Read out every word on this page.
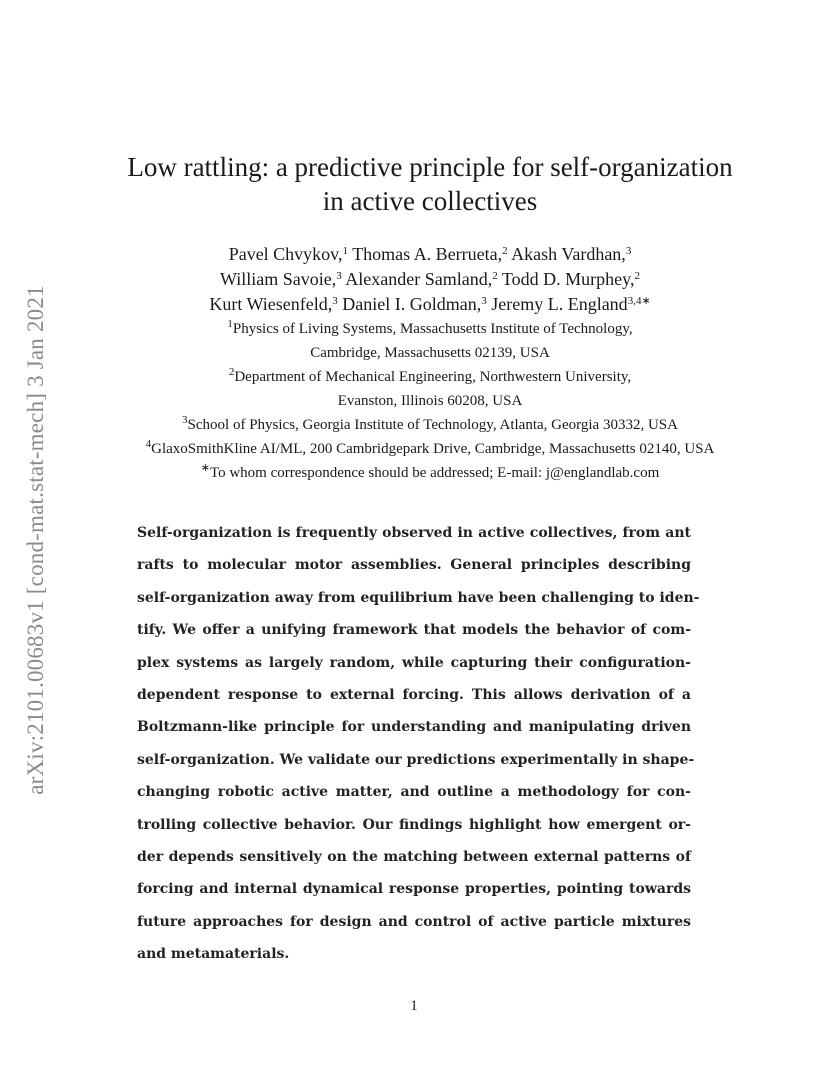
arXiv:2101.00683v1 [cond-mat.stat-mech] 3 Jan 2021
Low rattling: a predictive principle for self-organization
in active collectives
Pavel Chvykov,$^1$ Thomas A. Berrueta,$^2$ Akash Vardhan,$^3$
William Savoie,$^3$ Alexander Samland,$^2$ Todd D. Murphey,$^2$
Kurt Wiesenfeld,$^3$ Daniel I. Goldman,$^3$ Jeremy L. England$^{3,4∗}$
$^1$Physics of Living Systems, Massachusetts Institute of Technology,
Cambridge, Massachusetts 02139, USA
$^2$Department of Mechanical Engineering, Northwestern University,
Evanston, Illinois 60208, USA
$^3$School of Physics, Georgia Institute of Technology, Atlanta, Georgia 30332, USA
$^4$GlaxoSmithKline AI/ML, 200 Cambridgepark Drive, Cambridge, Massachusetts 02140, USA
∗To whom correspondence should be addressed; E-mail: j@englandlab.com
Self-organization is frequently observed in active collectives, from ant
rafts to molecular motor assemblies. General principles describing
self-organization away from equilibrium have been challenging to iden-
tify. We offer a unifying framework that models the behavior of com-
plex systems as largely random, while capturing their configuration-
dependent response to external forcing. This allows derivation of a
Boltzmann-like principle for understanding and manipulating driven
self-organization. We validate our predictions experimentally in shape-
changing robotic active matter, and outline a methodology for con-
trolling collective behavior. Our findings highlight how emergent or-
der depends sensitively on the matching between external patterns of
forcing and internal dynamical response properties, pointing towards
future approaches for design and control of active particle mixtures
and metamaterials.
1
